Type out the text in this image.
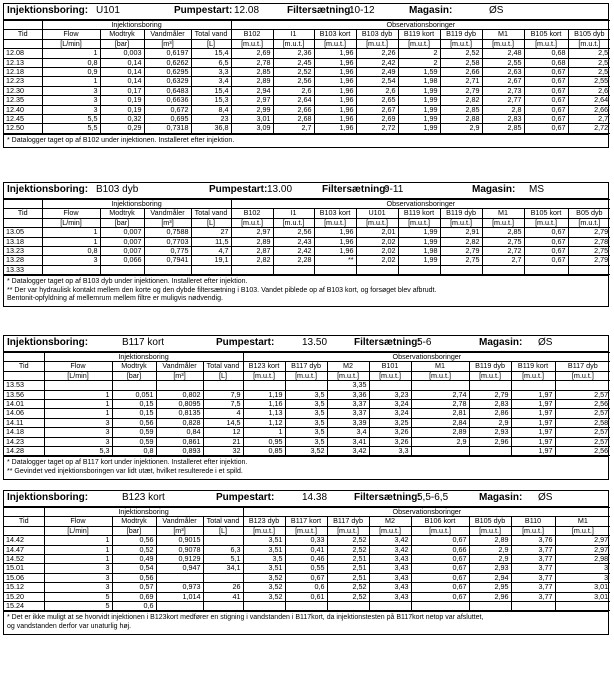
Injektionsboring: U101	Pumpestart: 12.08	Filtersætning:
10-12	Magasin:	ØS
	Injektionsboring				Observationsboringer								
Tid	Flow	Modtryk	Vandmåler	Total vand	B102	I1	B103 kort	B103 dyb	B119 kort	B119 dyb	M1	B105 kort	B105 dyb
	[L/min]	[bar]	[m³]	[L]	[m.u.t.]	[m.u.t.]	[m.u.t.]	[m.u.t.]	[m.u.t.]	[m.u.t.]	[m.u.t.]	[m.u.t.]	[m.u.t.]
12.08	1	0,003	0,6197	15,4	2,69	2,36	1,96	2,26	2	2,52	2,48	0,68	2,5
12.13	0,8	0,14	0,6262	6,5	2,78	2,45	1,96	2,42	2	2,58	2,55	0,68	2,5
12.18	0,9	0,14	0,6295	3,3	2,85	2,52	1,96	2,49	1,59	2,66	2,63	0,67	2,5
12.23	1	0,14	0,6329	3,4	2,89	2,56	1,96	2,54	1,98	2,71	2,67	0,67	2,55
12.30	3	0,17	0,6483	15,4	2,94	2,6	1,96	2,6	1,99	2,79	2,73	0,67	2,6
12.35	3	0,19	0,6636	15,3	2,97	2,64	1,96	2,65	1,99	2,82	2,77	0,67	2,64
12.40	3	0,19	0,672	8,4	2,99	2,66	1,96	2,67	1,99	2,85	2,8	0,67	2,66
12.45	5,5	0,32	0,695	23	3,01	2,68	1,96	2,69	1,99	2,88	2,83	0,67	2,7
12.50	5,5	0,29	0,7318	36,8	3,09	2,7	1,96	2,72	1,99	2,9	2,85	0,67	2,72
* Datalogger taget op af B102 under injektionen. Installeret efter injektion.
Injektionsboring: B103 dyb	Pumpestart: 13.00	Filtersætning:
9-11	Magasin: MS
	Injektionsboring				Observationsboringer								
Tid	Flow	Modtryk	Vandmåler	Total vand	B102	I1	B103 kort	U101	B119 kort	B119 dyb	M1	B105 kort	B05 dyb
	[L/min]	[bar]	[m³]	[L]	[m.u.t.]	[m.u.t.]	[m.u.t.]	[m.u.t.]	[m.u.t.]	[m.u.t.]	[m.u.t.]	[m.u.t.]	[m.u.t.]
13.05	1	0,007	0,7588	27	2,97	2,56	1,96	2,01	1,99	2,91	2,85	0,67	2,79
13.18	1	0,007	0,7703	11,5	2,89	2,43	1,96	2,02	1,99	2,82	2,75	0,67	2,78
13.23	0,8	0,007	0,775	4,7	2,87	2,42	1,96	2,02	1,98	2,79	2,72	0,67	2,75
13.28	3	0,066	0,7941	19,1	2,82	2,28	**	2,02	1,99	2,75	2,7	0,67	2,79
13.33													
* Datalogger taget op af B103 dyb under injektionen. Installeret efter injektion.
** Der var hydraulisk kontakt mellem den korte og den dybde filtersætning i B103. Vandet piblede op af B103 kort, og forsøget blev afbrudt.
Bentonit-opfyldning af mellemrum mellem filtre er muligvis nødvendig.
Injektionsboring:	B117 kort	Pumpestart:	13.50	Filtersætning:
5-6	Magasin: ØS
	Injektionsboring				Observationsboringer							
Tid	Flow	Modtryk	Vandmåler	Total vand	B123 kort	B117 dyb	M2	B101	M1	B119 dyb	B119 kort	B117 dyb
	[L/min]	[bar]	[m³]	[L]	[m.u.t.]	[m.u.t.]	[m.u.t.]	[m.u.t.]	[m.u.t.]	[m.u.t.]	[m.u.t.]	[m.u.t.]
13.53							3,35					
13.56	1	0,051	0,802	7,9	1,19	3,5	3,36	3,23	2,74	2,79	1,97	2,57
14.01	1	0,15	0,8095	7,5	1,16	3,5	3,37	3,24	2,78	2,83	1,97	2,56
14.06	1	0,15	0,8135	4	1,13	3,5	3,37	3,24	2,81	2,86	1,97	2,57
14.11	3	0,56	0,828	14,5	1,12	3,5	3,39	3,25	2,84	2,9	1,97	2,58
14.18	3	0,59	0,84	12	1	3,5	3,4	3,26	2,89	2,93	1,97	2,57
14.23	3	0,59	0,861	21	0,95	3,5	3,41	3,26	2,9	2,96	1,97	2,57
14.28	5,3	0,8	0,893	32	0,85	3,52	3,42	3,3			1,97	2,56
* Datalogger taget op af B117 kort under injektionen. Installeret efter injektion.
** Gevindet ved injektionsboringen var lidt utæt, hvilket resulterede i et spild.
Injektionsboring:	B123 kort	Pumpestart:	14.38	Filtersætning:
5,5-6,5	Magasin: ØS
	Injektionsboring				Observationsboringer							
Tid	Flow	Modtryk	Vandmåler	Total vand	B123 dyb	B117 kort	B117 dyb	M2	B106 kort	B105 dyb	B110	M1
	[L/min]	[bar]	[m³]	[L]	[m.u.t.]	[m.u.t.]	[m.u.t.]	[m.u.t.]	[m.u.t.]	[m.u.t.]	[m.u.t.]	[m.u.t.]
14.42	1	0,56	0,9015		3,51	0,33	2,52	3,42	0,67	2,89	3,76	2,97
14.47	1	0,52	0,9078	6,3	3,51	0,41	2,52	3,42	0,66	2,9	3,77	2,97
14.52	1	0,49	0,9129	5,1	3,5	0,46	2,51	3,43	0,67	2,9	3,77	2,98
15.01	3	0,54	0,947	34,1	3,51	0,55	2,51	3,43	0,67	2,93	3,77	3
15.06	3	0,56			3,52	0,67	2,51	3,43	0,67	2,94	3,77	3
15.12	3	0,57	0,973	26	3,52	0,6	2,52	3,43	0,67	2,95	3,77	3,01
15.20	5	0,69	1,014	41	3,52	0,61	2,52	3,43	0,67	2,96	3,77	3,01
15.24	5	0,6										
* Det er ikke muligt at se hvorvidt injektionen i B123kort medfører en stigning i vandstanden i B117kort, da injektionstesten på B117kort netop var afsluttet,
og vandstanden derfor var unaturlig høj.
